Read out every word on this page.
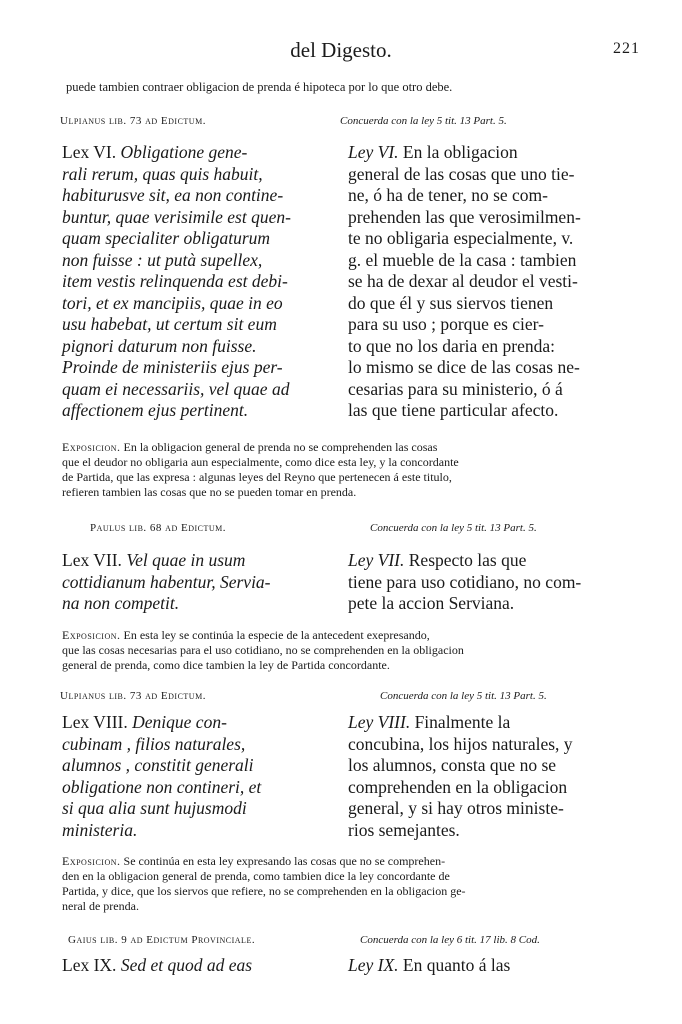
del Digesto.	221
puede tambien contraer obligacion de prenda é hipoteca por lo que otro debe.
Ulpianus lib. 73 ad Edictum.	Concuerda con la ley 5 tit. 13 Part. 5.
Lex VI. Obligatione gene-
rali rerum, quas quis habuit,
habiturusve sit, ea non contine-
buntur, quae verisimile est quen-
quam specialiter obligaturum
non fuisse : ut putà supellex,
item vestis relinquenda est debi-
tori, et ex mancipiis, quae in eo
usu habebat, ut certum sit eum
pignori daturum non fuisse.
Proinde de ministeriis ejus per-
quam ei necessariis, vel quae ad
affectionem ejus pertinent.
Ley VI. En la obligacion
general de las cosas que uno tie-
ne, ó ha de tener, no se com-
prehenden las que verosimilmen-
te no obligaria especialmente, v.
g. el mueble de la casa : tambien
se ha de dexar al deudor el vesti-
do que él y sus siervos tienen
para su uso ; porque es cier-
to que no los daria en prenda:
lo mismo se dice de las cosas ne-
cesarias para su ministerio, ó á
las que tiene particular afecto.
Exposicion. En la obligacion general de prenda no se comprehenden las cosas
que el deudor no obligaria aun especialmente, como dice esta ley, y la concordante
de Partida, que las expresa : algunas leyes del Reyno que pertenecen á este titulo,
refieren tambien las cosas que no se pueden tomar en prenda.
Paulus lib. 68 ad Edictum.	Concuerda con la ley 5 tit. 13 Part. 5.
Lex VII. Vel quae in usum
cottidianum habentur, Servia-
na non competit.
Ley VII. Respecto las que
tiene para uso cotidiano, no com-
pete la accion Serviana.
Exposicion. En esta ley se continúa la especie de la antecedent exepresando,
que las cosas necesarias para el uso cotidiano, no se comprehenden en la obligacion
general de prenda, como dice tambien la ley de Partida concordante.
Ulpianus lib. 73 ad Edictum.	Concuerda con la ley 5 tit. 13 Part. 5.
Lex VIII. Denique con-
cubinam , filios naturales,
alumnos , constitit generali
obligatione non contineri, et
si qua alia sunt hujusmodi
ministeria.
Ley VIII. Finalmente la
concubina, los hijos naturales, y
los alumnos, consta que no se
comprehenden en la obligacion
general, y si hay otros ministe-
rios semejantes.
Exposicion. Se continúa en esta ley expresando las cosas que no se comprehen-
den en la obligacion general de prenda, como tambien dice la ley concordante de
Partida, y dice, que los siervos que refiere, no se comprehenden en la obligacion ge-
neral de prenda.
Gaius lib. 9 ad Edictum Provinciale.	Concuerda con la ley 6 tit. 17 lib. 8 Cod.
Lex IX. Sed et quod ad eas	Ley IX. En quanto á las
